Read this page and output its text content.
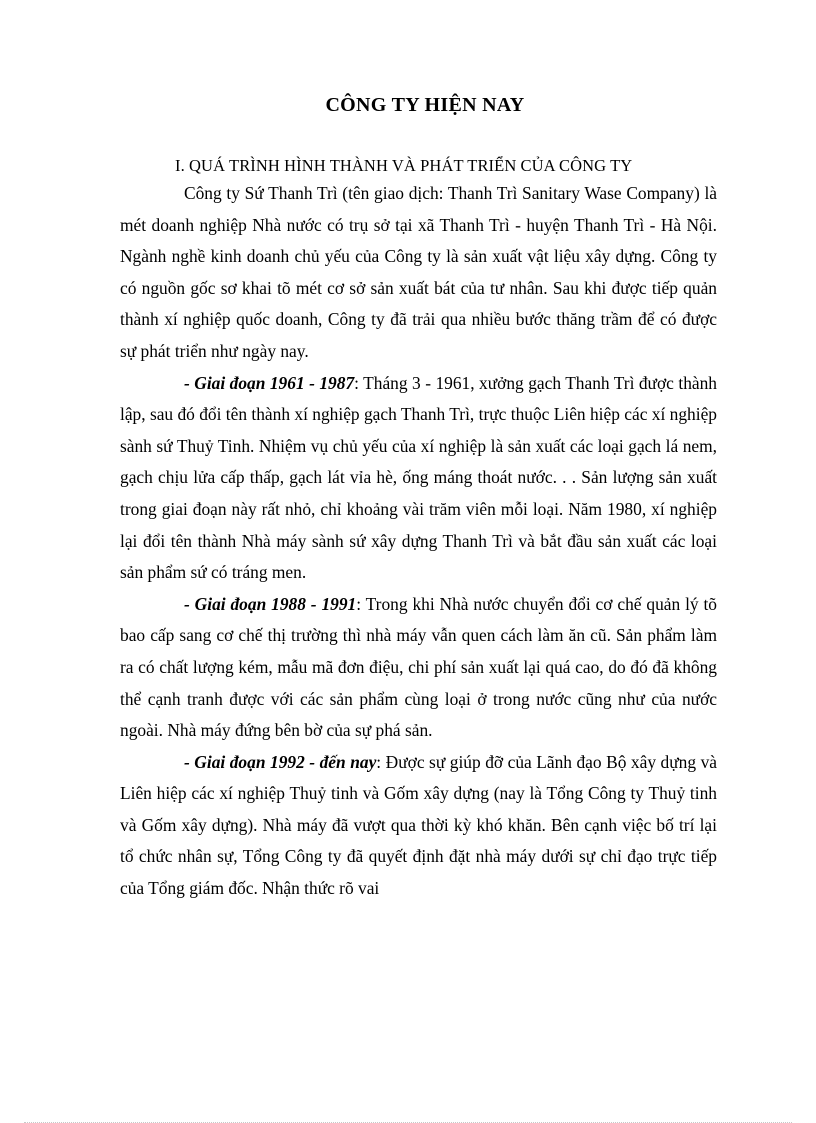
CÔNG TY HIỆN NAY
I. QUÁ TRÌNH HÌNH THÀNH VÀ PHÁT TRIỂN CỦA CÔNG TY

Công ty Sứ Thanh Trì (tên giao dịch: Thanh Trì Sanitary Wase Company) là mét doanh nghiệp Nhà nước có trụ sở tại xã Thanh Trì - huyện Thanh Trì - Hà Nội. Ngành nghề kinh doanh chủ yếu của Công ty là sản xuất vật liệu xây dựng. Công ty có nguồn gốc sơ khai tõ mét cơ sở sản xuất bát của tư nhân. Sau khi được tiếp quản thành xí nghiệp quốc doanh, Công ty đã trải qua nhiều bước thăng trầm để có được sự phát triển như ngày nay.

- Giai đoạn 1961 - 1987: Tháng 3 - 1961, xưởng gạch Thanh Trì được thành lập, sau đó đổi tên thành xí nghiệp gạch Thanh Trì, trực thuộc Liên hiệp các xí nghiệp sành sứ Thuỷ Tinh. Nhiệm vụ chủ yếu của xí nghiệp là sản xuất các loại gạch lá nem, gạch chịu lửa cấp thấp, gạch lát vỉa hè, ống máng thoát nước. . . Sản lượng sản xuất trong giai đoạn này rất nhỏ, chỉ khoảng vài trăm viên mỗi loại. Năm 1980, xí nghiệp lại đổi tên thành Nhà máy sành sứ xây dựng Thanh Trì và bắt đầu sản xuất các loại sản phẩm sứ có tráng men.

- Giai đoạn 1988 - 1991: Trong khi Nhà nước chuyển đổi cơ chế quản lý tõ bao cấp sang cơ chế thị trường thì nhà máy vẫn quen cách làm ăn cũ. Sản phẩm làm ra có chất lượng kém, mẫu mã đơn điệu, chi phí sản xuất lại quá cao, do đó đã không thể cạnh tranh được với các sản phẩm cùng loại ở trong nước cũng như của nước ngoài. Nhà máy đứng bên bờ của sự phá sản.

- Giai đoạn 1992 - đến nay: Được sự giúp đỡ của Lãnh đạo Bộ xây dựng và Liên hiệp các xí nghiệp Thuỷ tinh và Gốm xây dựng (nay là Tổng Công ty Thuỷ tinh và Gốm xây dựng). Nhà máy đã vượt qua thời kỳ khó khăn. Bên cạnh việc bố trí lại tổ chức nhân sự, Tổng Công ty đã quyết định đặt nhà máy dưới sự chỉ đạo trực tiếp của Tổng giám đốc. Nhận thức rõ vai
